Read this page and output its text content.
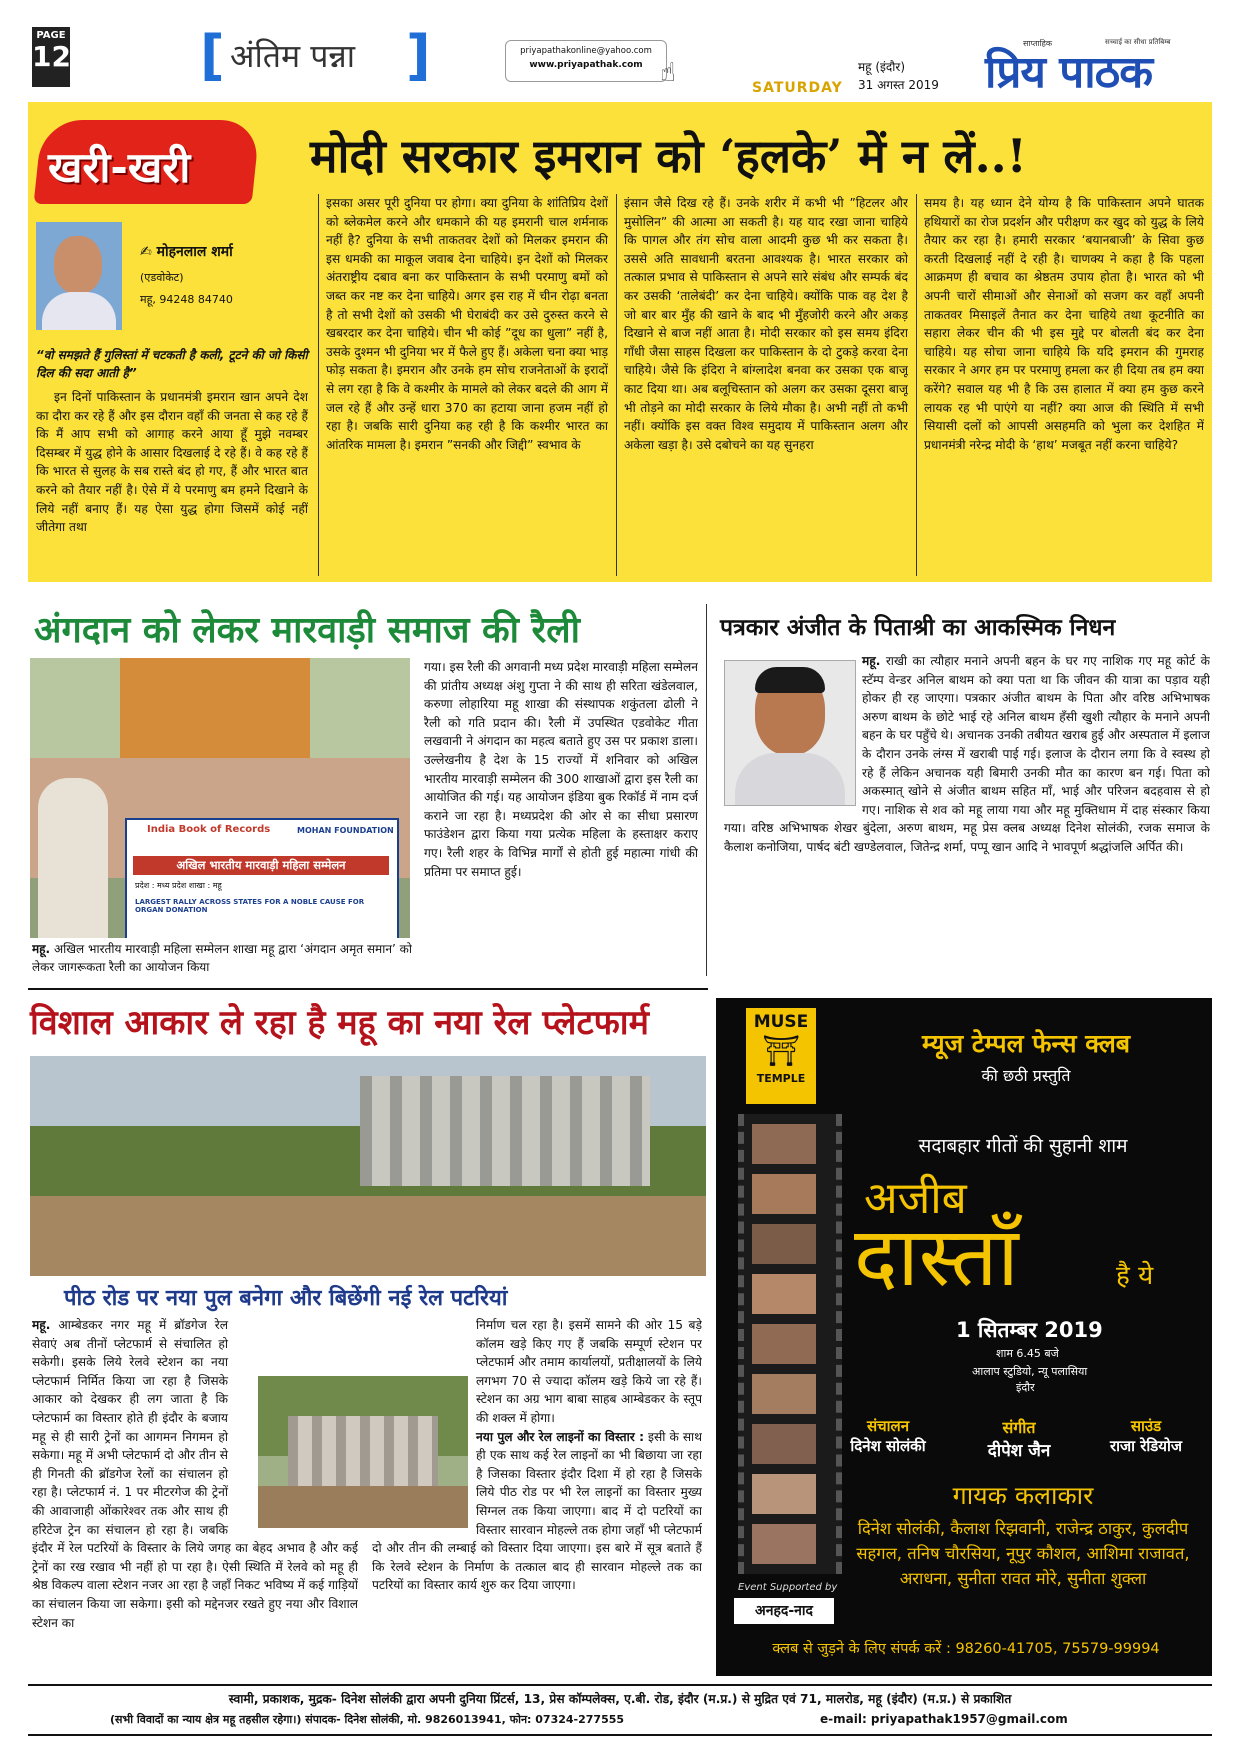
PAGE
12 [ अंतिम पन्ना ]	priyapathakonline@yahoo.com
www.priyapathak.com ☝	SATURDAY
महू (इंदौर)
31 अगस्त 2019
साप्ताहिक	सच्चाई का सीधा प्रतिबिम्ब
प्रिय पाठक
खरी-खरी	मोदी सरकार इमरान को ‘हलके’ में न लें..!
✍ मोहनलाल शर्मा
(एडवोकेट)
महू, 94248 84740
“वो समझते हैं गुलिस्तां में चटकती है कली, टूटने की जो किसी दिल की सदा आती है”

इन दिनों पाकिस्तान के प्रधानमंत्री इमरान खान अपने देश का दौरा कर रहे हैं और इस दौरान वहाँ की जनता से कह रहे हैं कि मैं आप सभी को आगाह करने आया हूँ मुझे नवम्बर दिसम्बर में युद्ध होने के आसार दिखलाई दे रहे हैं। वे कह रहे हैं कि भारत से सुलह के सब रास्ते बंद हो गए, हैं और भारत बात करने को तैयार नहीं है। ऐसे में ये परमाणु बम हमने दिखाने के लिये नहीं बनाए हैं। यह ऐसा युद्ध होगा जिसमें कोई नहीं जीतेगा तथा

इसका असर पूरी दुनिया पर होगा। क्या दुनिया के शांतिप्रिय देशों को ब्लेकमेल करने और धमकाने की यह इमरानी चाल शर्मनाक नहीं है? दुनिया के सभी ताकतवर देशों को मिलकर इमरान की इस धमकी का माकूल जवाब देना चाहिये। इन देशों को मिलकर अंतराष्ट्रीय दबाव बना कर पाकिस्तान के सभी परमाणु बमों को जब्त कर नष्ट कर देना चाहिये। अगर इस राह में चीन रोढ़ा बनता है तो सभी देशों को उसकी भी घेराबंदी कर उसे दुरुस्त करने से खबरदार कर देना चाहिये। चीन भी कोई ”दूध का धुला” नहीं है, उसके दुश्मन भी दुनिया भर में फैले हुए हैं। अकेला चना क्या भाड़ फोड़ सकता है। इमरान और उनके हम सोच राजनेताओं के इरादों से लग रहा है कि वे कश्मीर के मामले को लेकर बदले की आग में जल रहे हैं और उन्हें धारा 370 का हटाया जाना हजम नहीं हो रहा है। जबकि सारी दुनिया कह रही है कि कश्मीर भारत का आंतरिक मामला है। इमरान ”सनकी और जिद्दी” स्वभाव के

इंसान जैसे दिख रहे हैं। उनके शरीर में कभी भी ”हिटलर और मुसोलिन” की आत्मा आ सकती है। यह याद रखा जाना चाहिये कि पागल और तंग सोच वाला आदमी कुछ भी कर सकता है। उससे अति सावधानी बरतना आवश्यक है। भारत सरकार को तत्काल प्रभाव से पाकिस्तान से अपने सारे संबंध और सम्पर्क बंद कर उसकी ‘तालेबंदी’ कर देना चाहिये। क्योंकि पाक वह देश है जो बार बार मुँह की खाने के बाद भी मुँहजोरी करने और अकड़ दिखाने से बाज नहीं आता है। मोदी सरकार को इस समय इंदिरा गाँधी जैसा साहस दिखला कर पाकिस्तान के दो टुकड़े करवा देना चाहिये। जैसे कि इंदिरा ने बांग्लादेश बनवा कर उसका एक बाजू काट दिया था। अब बलूचिस्तान को अलग कर उसका दूसरा बाजू भी तोड़ने का मोदी सरकार के लिये मौका है। अभी नहीं तो कभी नहीं। क्योंकि इस वक्त विश्व समुदाय में पाकिस्तान अलग और अकेला खड़ा है। उसे दबोचने का यह सुनहरा

समय है। यह ध्यान देने योग्य है कि पाकिस्तान अपने घातक हथियारों का रोज प्रदर्शन और परीक्षण कर खुद को युद्ध के लिये तैयार कर रहा है। हमारी सरकार ‘बयानबाजी’ के सिवा कुछ करती दिखलाई नहीं दे रही है। चाणक्य ने कहा है कि पहला आक्रमण ही बचाव का श्रेष्ठतम उपाय होता है। भारत को भी अपनी चारों सीमाओं और सेनाओं को सजग कर वहाँ अपनी ताकतवर मिसाइलें तैनात कर देना चाहिये तथा कूटनीति का सहारा लेकर चीन की भी इस मुद्दे पर बोलती बंद कर देना चाहिये। यह सोचा जाना चाहिये कि यदि इमरान की गुमराह सरकार ने अगर हम पर परमाणु हमला कर ही दिया तब हम क्या करेंगे? सवाल यह भी है कि उस हालात में क्या हम कुछ करने लायक रह भी पाएंगे या नहीं? क्या आज की स्थिति में सभी सियासी दलों को आपसी असहमति को भुला कर देशहित में प्रधानमंत्री नरेन्द्र मोदी के ‘हाथ’ मजबूत नहीं करना चाहिये?

अंगदान को लेकर मारवाड़ी समाज की रैली
India Book of Records	MOHAN FOUNDATION
अखिल भारतीय मारवाड़ी महिला सम्मेलन
प्रदेश : मध्य प्रदेश शाखा : महू
LARGEST RALLY ACROSS STATES FOR A NOBLE CAUSE FOR ORGAN DONATION

महू. अखिल भारतीय मारवाड़ी महिला सम्मेलन शाखा महू द्वारा ‘अंगदान अमृत समान’ को लेकर जागरूकता रैली का आयोजन किया

गया। इस रैली की अगवानी मध्य प्रदेश मारवाड़ी महिला सम्मेलन की प्रांतीय अध्यक्ष अंशु गुप्ता ने की साथ ही सरिता खंडेलवाल, करुणा लोहारिया महू शाखा की संस्थापक शकुंतला ढोली ने रैली को गति प्रदान की। रैली में उपस्थित एडवोकेट गीता लखवानी ने अंगदान का महत्व बताते हुए उस पर प्रकाश डाला। उल्लेखनीय है देश के 15 राज्यों में शनिवार को अखिल भारतीय मारवाड़ी सम्मेलन की 300 शाखाओं द्वारा इस रैली का आयोजित की गई। यह आयोजन इंडिया बुक रिकॉर्ड में नाम दर्ज कराने जा रहा है। मध्यप्रदेश की ओर से का सीधा प्रसारण फाउंडेशन द्वारा किया गया प्रत्येक महिला के हस्ताक्षर कराए गए। रैली शहर के विभिन्न मार्गों से होती हुई महात्मा गांधी की प्रतिमा पर समाप्त हुई।

पत्रकार अंजीत के पिताश्री का आकस्मिक निधन

महू. राखी का त्यौहार मनाने अपनी बहन के घर गए नाशिक गए महू कोर्ट के स्टॅम्प वेन्डर अनिल बाथम को क्या पता था कि जीवन की यात्रा का पड़ाव यही होकर ही रह जाएगा। पत्रकार अंजीत बाथम के पिता और वरिष्ठ अभिभाषक अरुण बाथम के छोटे भाई रहे अनिल बाथम हँसी खुशी त्यौहार के मनाने अपनी बहन के घर पहुँचे थे। अचानक उनकी तबीयत खराब हुई और अस्पताल में इलाज के दौरान उनके लंग्स में खराबी पाई गई। इलाज के दौरान लगा कि वे स्वस्थ हो रहे हैं लेकिन अचानक यही बिमारी उनकी मौत का कारण बन गई। पिता को अकस्मात् खोने से अंजीत बाथम सहित माँ, भाई और परिजन बदहवास से हो गए। नाशिक से शव को महू लाया गया और महू मुक्तिधाम में दाह संस्कार किया गया। वरिष्ठ अभिभाषक शेखर बुंदेला, अरुण बाथम, महू प्रेस क्लब अध्यक्ष दिनेश सोलंकी, रजक समाज के कैलाश कनोजिया, पार्षद बंटी खण्डेलवाल, जितेन्द्र शर्मा, पप्पू खान आदि ने भावपूर्ण श्रद्धांजलि अर्पित की।

विशाल आकार ले रहा है महू का नया रेल प्लेटफार्म
पीठ रोड पर नया पुल बनेगा और बिछेंगी नई रेल पटरियां

महू. आम्बेडकर नगर महू में ब्रॉडगेज रेल सेवाएं अब तीनों प्लेटफार्म से संचालित हो सकेगी। इसके लिये रेलवे स्टेशन का नया प्लेटफार्म निर्मित किया जा रहा है जिसके आकार को देखकर ही लग जाता है कि प्लेटफार्म का विस्तार होते ही इंदौर के बजाय महू से ही सारी ट्रेनों का आगमन निगमन हो सकेगा। महू में अभी प्लेटफार्म दो और तीन से ही गिनती की ब्रॉडगेज रेलों का संचालन हो रहा है। प्लेटफार्म नं. 1 पर मीटरगेज की ट्रेनों की आवाजाही ओंकारेश्वर तक और साथ ही हरिटेज ट्रेन का संचालन हो रहा है। जबकि इंदौर में रेल पटरियों के विस्तार के लिये जगह का बेहद अभाव है और कई ट्रेनों का रख रखाव भी नहीं हो पा रहा है। ऐसी स्थिति में रेलवे को महू ही श्रेष्ठ विकल्प वाला स्टेशन नजर आ रहा है जहाँ निकट भविष्य में कई गाड़ियों का संचालन किया जा सकेगा। इसी को मद्देनजर रखते हुए नया और विशाल स्टेशन का

निर्माण चल रहा है। इसमें सामने की ओर 15 बड़े कॉलम खड़े किए गए हैं जबकि सम्पूर्ण स्टेशन पर प्लेटफार्म और तमाम कार्यालयों, प्रतीक्षालयों के लिये लगभग 70 से ज्यादा कॉलम खड़े किये जा रहे हैं। स्टेशन का अग्र भाग बाबा साहब आम्बेडकर के स्तूप की शक्ल में होगा।

नया पुल और रेल लाइनों का विस्तार : इसी के साथ ही एक साथ कई रेल लाइनों का भी बिछाया जा रहा है जिसका विस्तार इंदौर दिशा में हो रहा है जिसके लिये पीठ रोड पर भी रेल लाइनों का विस्तार मुख्य सिग्नल तक किया जाएगा। बाद में दो पटरियों का विस्तार सारवान मोहल्ले तक होगा जहाँ भी प्लेटफार्म दो और तीन की लम्बाई को विस्तार दिया जाएगा। इस बारे में सूत्र बताते हैं कि रेलवे स्टेशन के निर्माण के तत्काल बाद ही सारवान मोहल्ले तक का पटरियों का विस्तार कार्य शुरु कर दिया जाएगा।

MUSE
⛩
TEMPLE
म्यूज टेम्पल फेन्स क्लब
की छठी प्रस्तुति
सदाबहार गीतों की सुहानी शाम
अजीब
दास्ताँ	है ये
1 सितम्बर 2019
शाम 6.45 बजे
आलाप स्टुडियो, न्यू पलासिया
इंदौर
संचालन
दिनेश सोलंकी
संगीत
दीपेश जैन
साउंड
राजा रेडियोज
गायक कलाकार
दिनेश सोलंकी, कैलाश रिझवानी, राजेन्द्र ठाकुर, कुलदीप सहगल, तनिष चौरसिया, नूपुर कौशल, आशिमा राजावत, अराधना, सुनीता रावत मोरे, सुनीता शुक्ला
Event Supported by
अनहद-नाद
क्लब से जुड़ने के लिए संपर्क करें : 98260-41705, 75579-99994
स्वामी, प्रकाशक, मुद्रक- दिनेश सोलंकी द्वारा अपनी दुनिया प्रिंटर्स, 13, प्रेस कॉम्पलेक्स, ए.बी. रोड, इंदौर (म.प्र.) से मुद्रित एवं 71, मालरोड, महू (इंदौर) (म.प्र.) से प्रकाशित
(सभी विवादों का न्याय क्षेत्र महू तहसील रहेगा।) संपादक- दिनेश सोलंकी, मो. 9826013941, फोन: 07324-277555	e-mail: priyapathak1957@gmail.com
